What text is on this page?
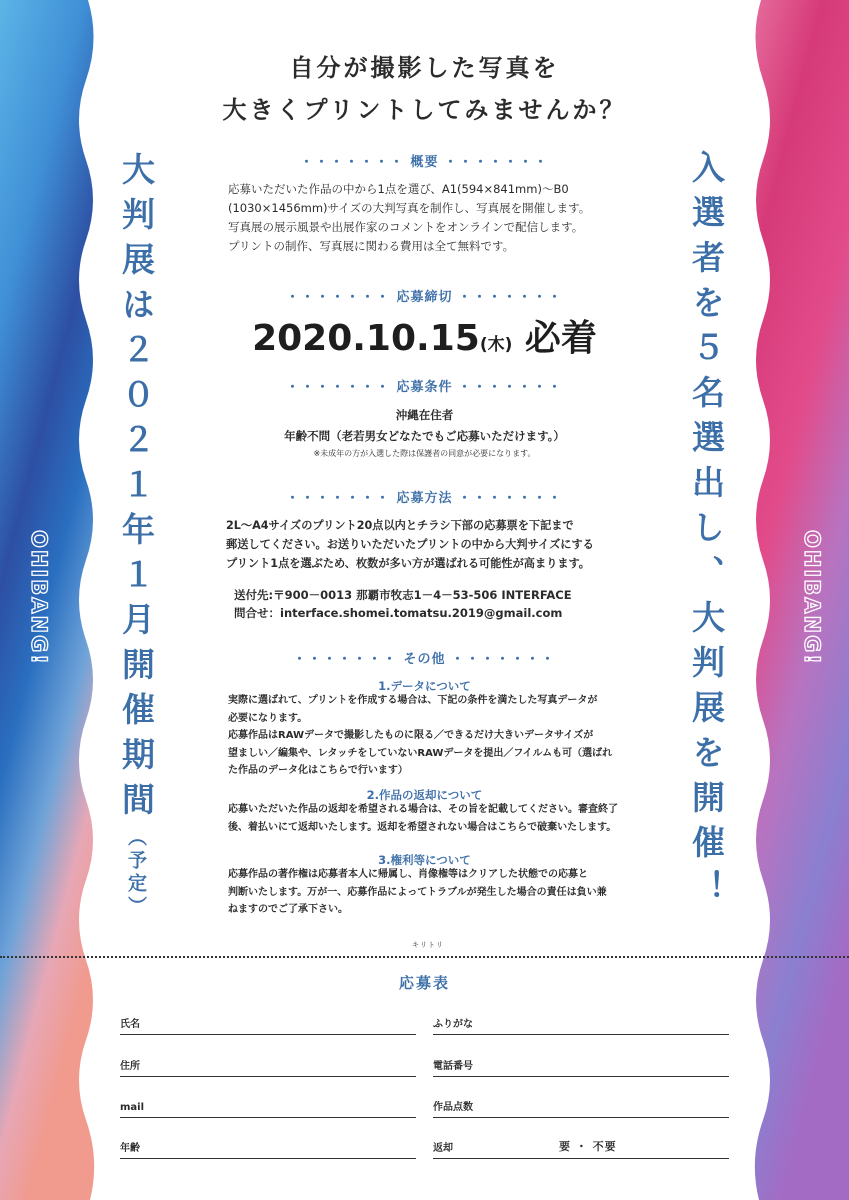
OHIBANG!	OHIBANG!
大判展は２０２１年１月開催期間（予定）	入選者を５名選出し、大判展を開催！
自分が撮影した写真を
大きくプリントしてみませんか？
・・・・・・・ 概要 ・・・・・・・
応募いただいた作品の中から1点を選び、A1(594×841mm)～B0
(1030×1456mm)サイズの大判写真を制作し、写真展を開催します。
写真展の展示風景や出展作家のコメントをオンラインで配信します。
プリントの制作、写真展に関わる費用は全て無料です。
・・・・・・・ 応募締切 ・・・・・・・
2020.10.15(木) 必着
・・・・・・・ 応募条件 ・・・・・・・
沖縄在住者
年齢不問（老若男女どなたでもご応募いただけます。）
※未成年の方が入選した際は保護者の同意が必要になります。
・・・・・・・ 応募方法 ・・・・・・・
2L～A4サイズのプリント20点以内とチラシ下部の応募票を下記まで
郵送してください。お送りいただいたプリントの中から大判サイズにする
プリント1点を選ぶため、枚数が多い方が選ばれる可能性が高まります。
送付先:〒900－0013 那覇市牧志1－4－53-506 INTERFACE
問合せ：interface.shomei.tomatsu.2019@gmail.com
・・・・・・・ その他 ・・・・・・・
1.データについて
実際に選ばれて、プリントを作成する場合は、下記の条件を満たした写真データが
必要になります。
応募作品はRAWデータで撮影したものに限る／できるだけ大きいデータサイズが
望ましい／編集や、レタッチをしていないRAWデータを提出／フイルムも可（選ばれ
た作品のデータ化はこちらで行います）
2.作品の返却について
応募いただいた作品の返却を希望される場合は、その旨を記載してください。審査終了
後、着払いにて返却いたします。返却を希望されない場合はこちらで破棄いたします。
3.権利等について
応募作品の著作権は応募者本人に帰属し、肖像権等はクリアした状態での応募と
判断いたします。万が一、応募作品によってトラブルが発生した場合の責任は負い兼
ねますのでご了承下さい。
キリトリ
応募表
氏名	ふりがな
住所	電話番号
mail	作品点数
年齢	返却	要 ・ 不要
